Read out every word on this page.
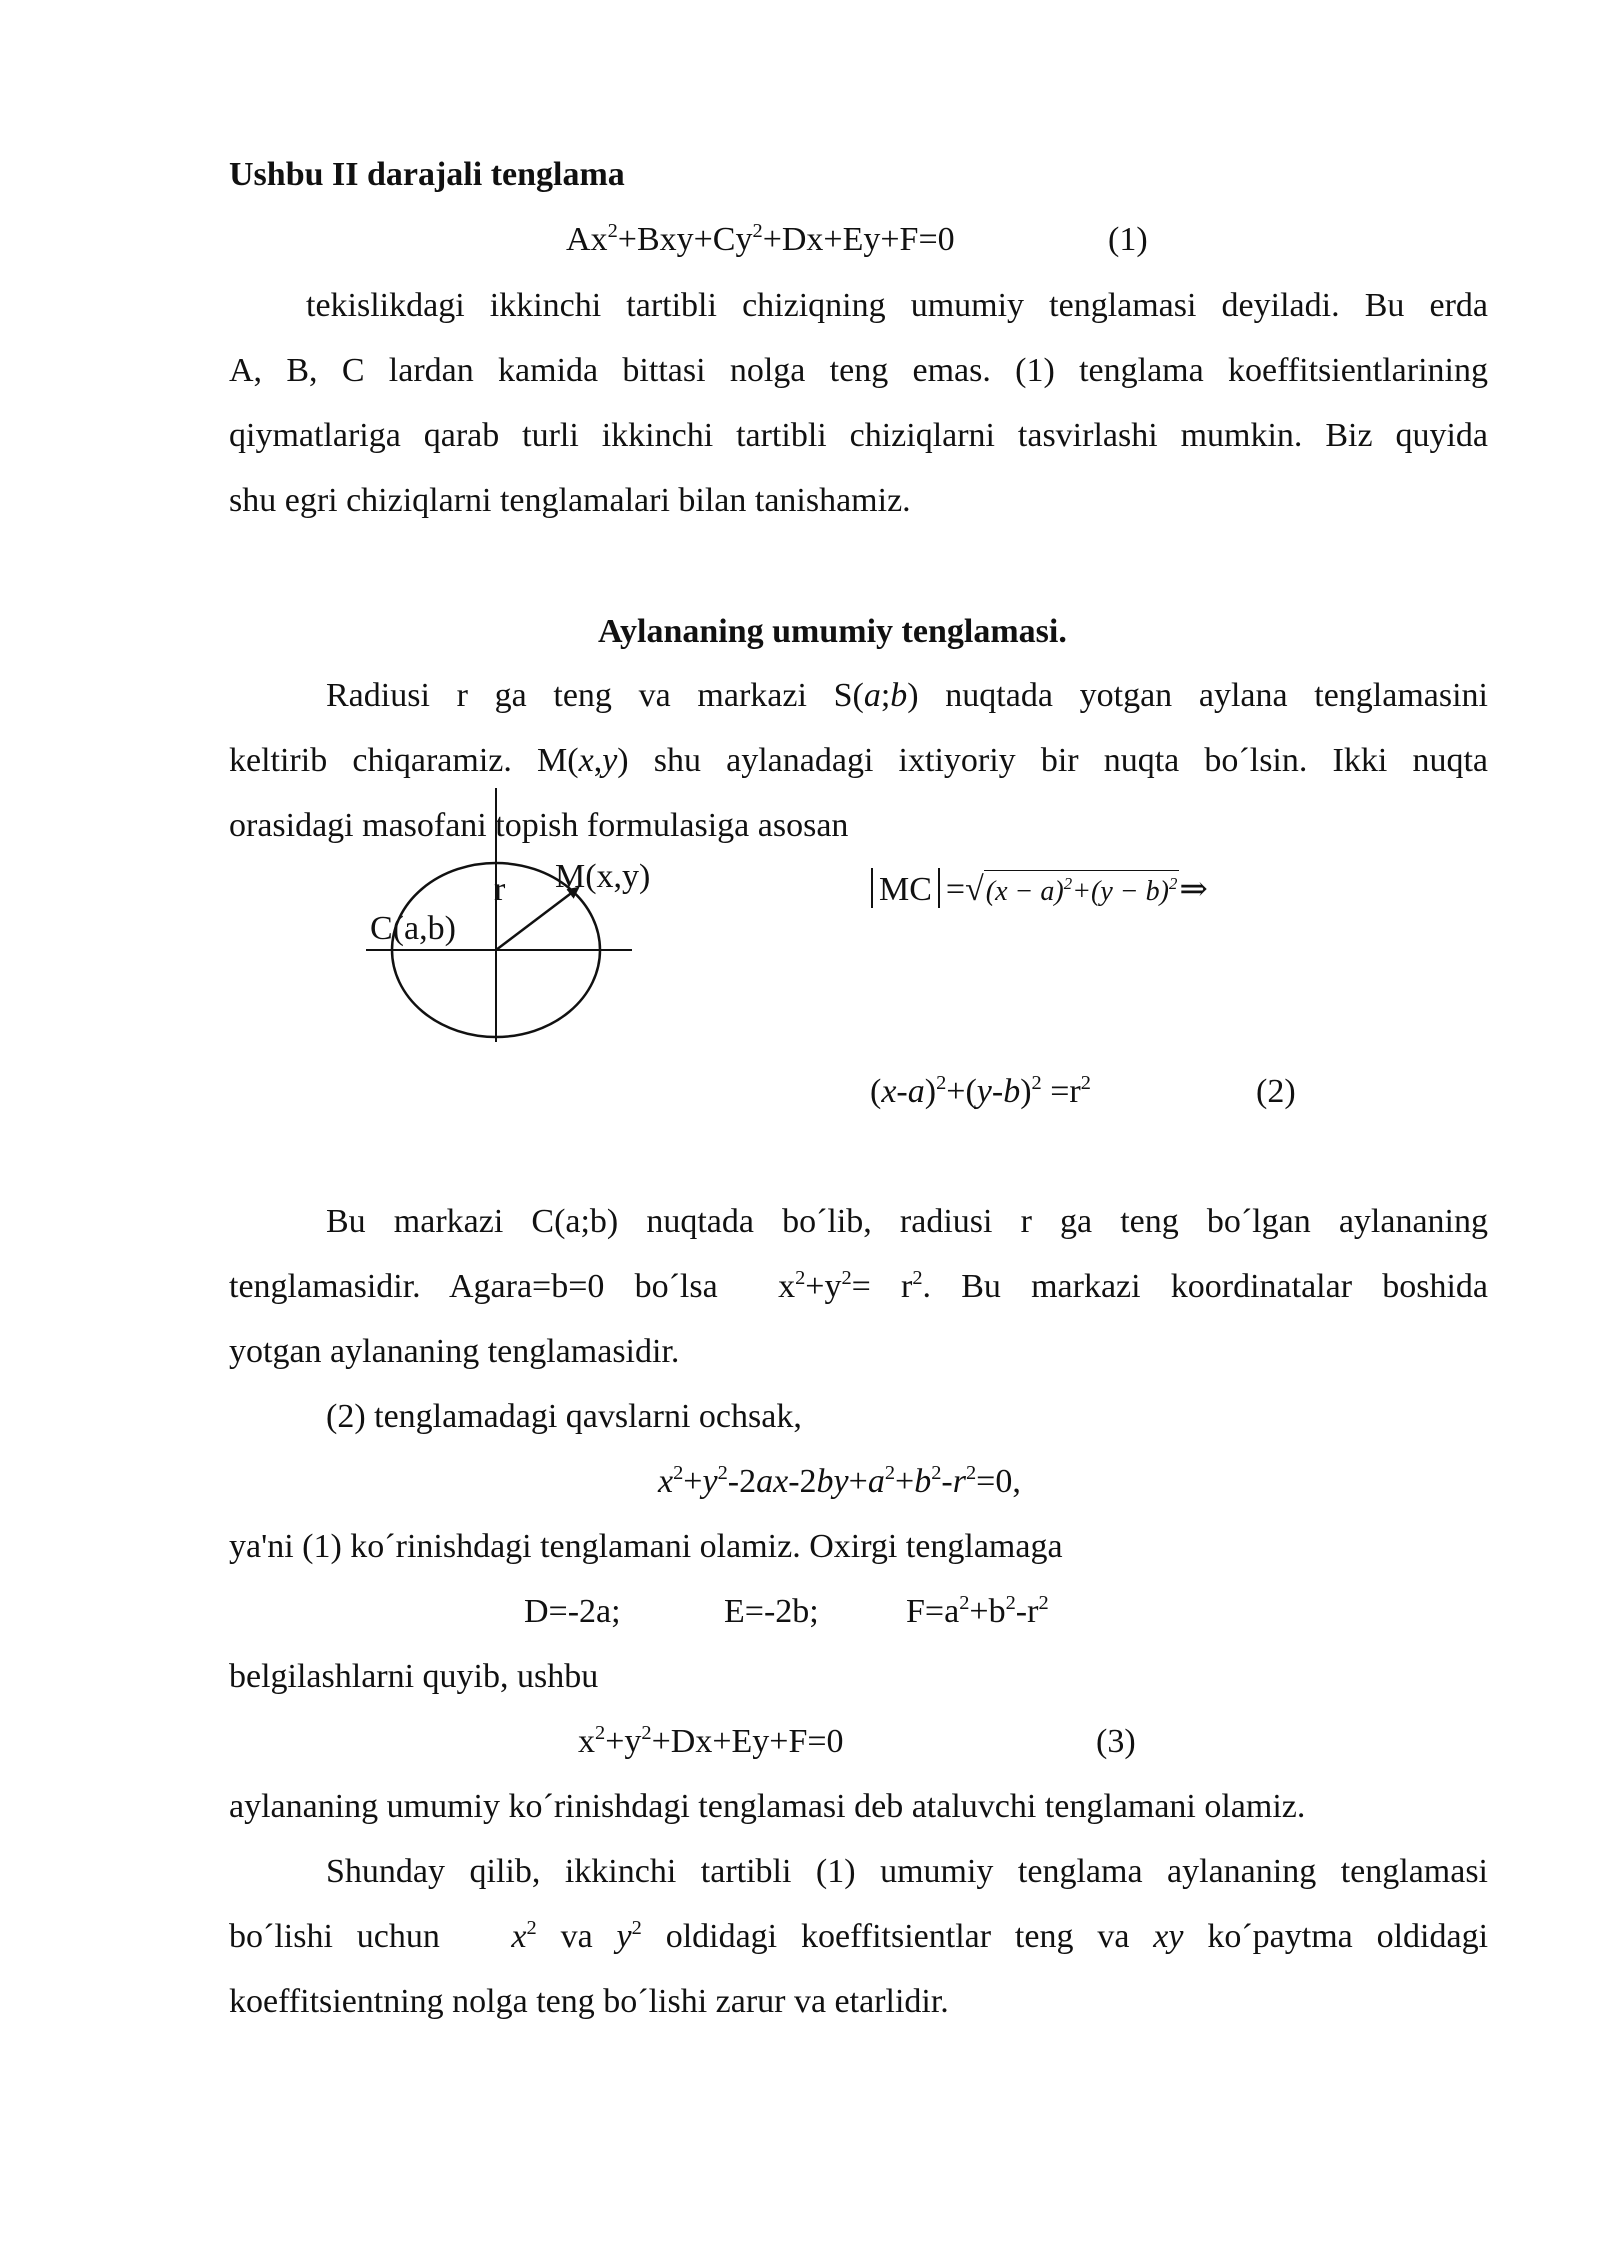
Ushbu II darajali tenglama
$Ax^2+Bxy+Cy^2+Dx+Ey+F=0$	(1)
tekislikdagi ikkinchi tartibli chiziqning umumiy tenglamasi deyiladi. Bu erda
A, B, C lardan kamida bittasi nolga teng emas. (1) tenglama koeffitsientlarining
qiymatlariga qarab turli ikkinchi tartibli chiziqlarni tasvirlashi mumkin. Biz quyida
shu egri chiziqlarni tenglamalari bilan tanishamiz.
Aylananing umumiy tenglamasi.
Radiusi r ga teng va markazi S(a;b) nuqtada yotgan aylana tenglamasini
keltirib chiqaramiz. M(x,y) shu aylanadagi ixtiyoriy bir nuqta bo´lsin. Ikki nuqta
orasidagi masofani topish formulasiga asosan
r M(x,y)
C(a,b)
MC $=√(x - a)^2+(y$ − $b)^2\Rightarrow$
$(x-a)^2+(y-b)^2 =r^2$	(2)
Bu markazi C(a;b) nuqtada bo´lib, radiusi r ga teng bo´lgan aylananing
tenglamasidir. Agara=b=0 bo´lsa  $x^2+y^2= r^2$. Bu markazi koordinatalar boshida
yotgan aylananing tenglamasidir.
(2) tenglamadagi qavslarni ochsak,
$x^2+y^2-2ax-2by+a^2+b^2-r^2=0$,
ya'ni (1) ko´rinishdagi tenglamani olamiz. Oxirgi tenglamaga
D=-2a;	E=-2b;	$F=a^2+b^2-r^2$
belgilashlarni quyib, ushbu
$x^2+y^2+Dx+Ey+F=0$	(3)
aylananing umumiy ko´rinishdagi tenglamasi deb ataluvchi tenglamani olamiz.
Shunday qilib, ikkinchi tartibli (1) umumiy tenglama aylananing tenglamasi
bo´lishi uchun $x^2$ va $y^2$ oldidagi koeffitsientlar teng va xy ko´paytma oldidagi
koeffitsientning nolga teng bo´lishi zarur va etarlidir.
